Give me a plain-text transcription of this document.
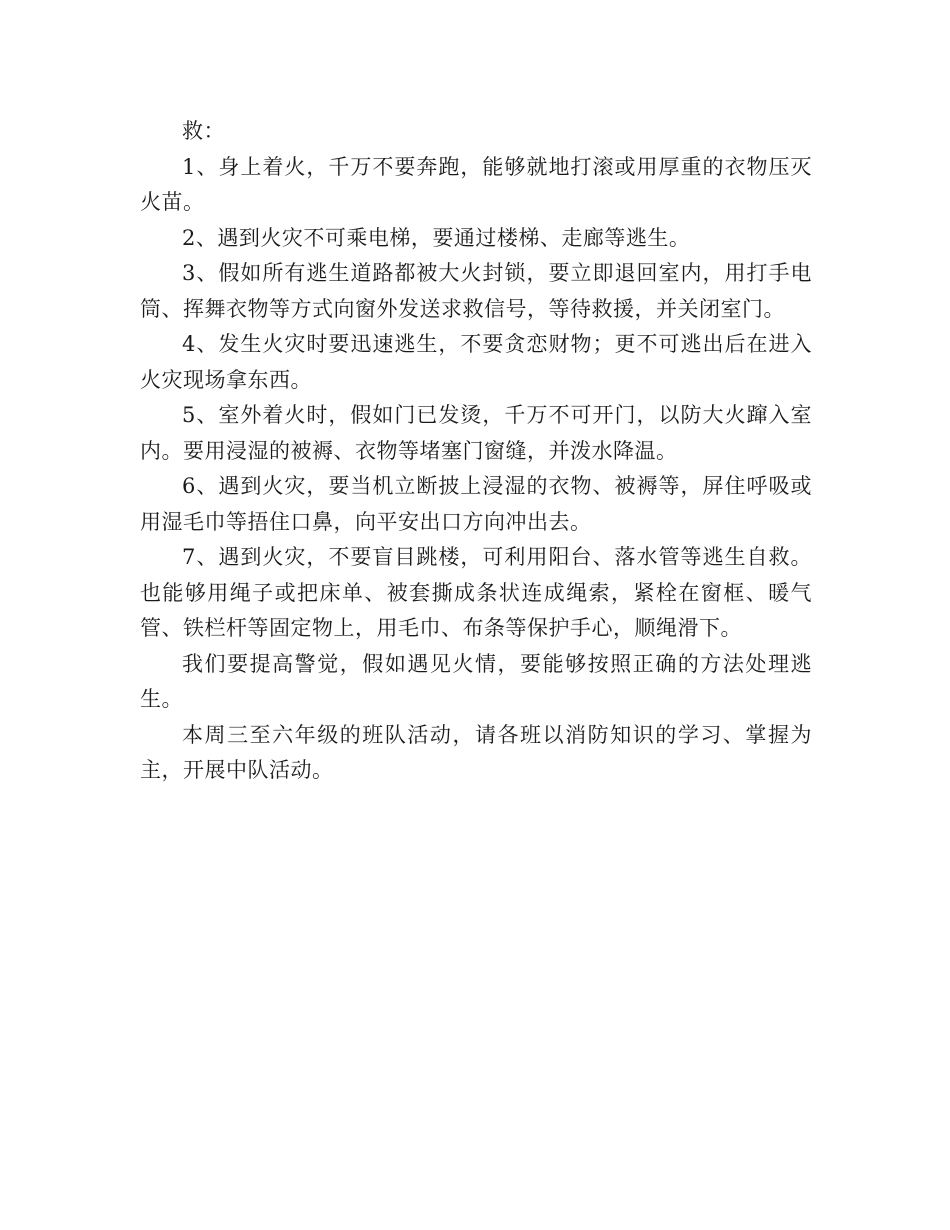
救：

1、身上着火，千万不要奔跑，能够就地打滚或用厚重的衣物压灭火苗。

2、遇到火灾不可乘电梯，要通过楼梯、走廊等逃生。

3、假如所有逃生道路都被大火封锁，要立即退回室内，用打手电筒、挥舞衣物等方式向窗外发送求救信号，等待救援，并关闭室门。

4、发生火灾时要迅速逃生，不要贪恋财物；更不可逃出后在进入火灾现场拿东西。

5、室外着火时，假如门已发烫，千万不可开门，以防大火蹿入室内。要用浸湿的被褥、衣物等堵塞门窗缝，并泼水降温。

6、遇到火灾，要当机立断披上浸湿的衣物、被褥等，屏住呼吸或用湿毛巾等捂住口鼻，向平安出口方向冲出去。

7、遇到火灾，不要盲目跳楼，可利用阳台、落水管等逃生自救。也能够用绳子或把床单、被套撕成条状连成绳索，紧栓在窗框、暖气管、铁栏杆等固定物上，用毛巾、布条等保护手心，顺绳滑下。

我们要提高警觉，假如遇见火情，要能够按照正确的方法处理逃生。

本周三至六年级的班队活动，请各班以消防知识的学习、掌握为主，开展中队活动。
